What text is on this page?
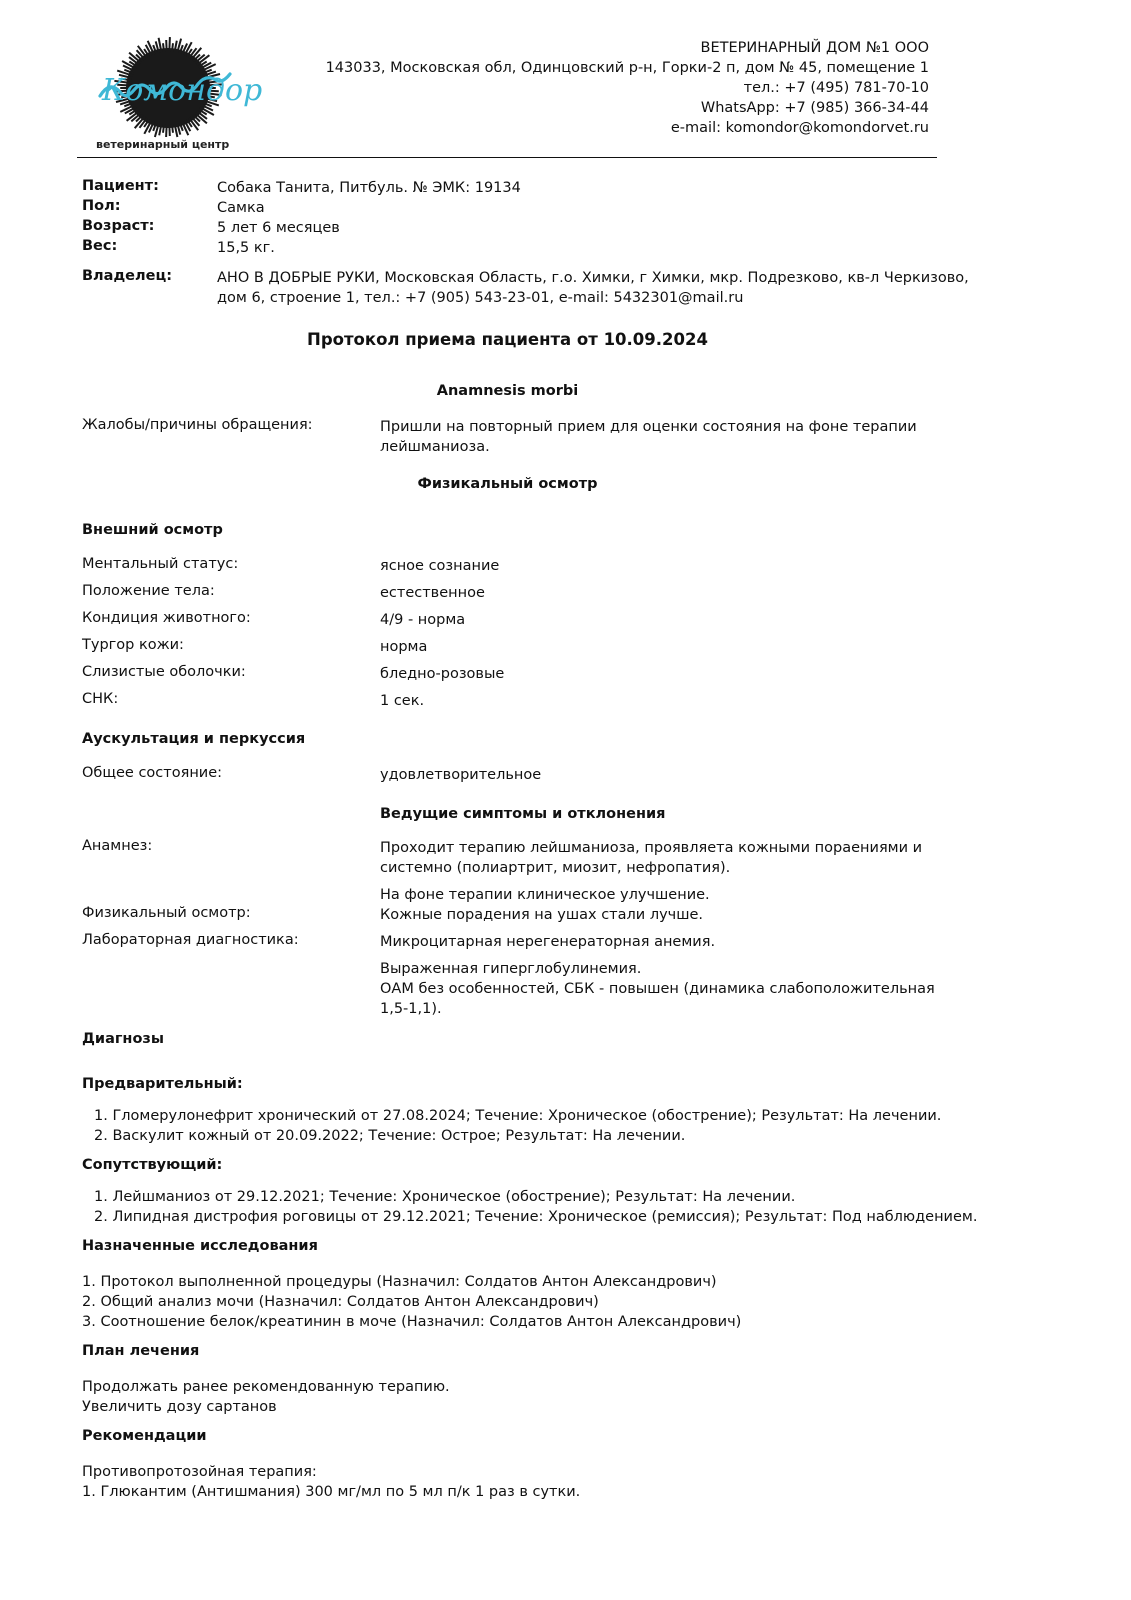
Комондор
ветеринарный центр
ВЕТЕРИНАРНЫЙ ДОМ №1 ООО
143033, Московская обл, Одинцовский р-н, Горки-2 п, дом № 45, помещение 1
тел.: +7 (495) 781-70-10
WhatsApp: +7 (985) 366-34-44
e-mail: komondor@komondorvet.ru
Пациент:	Собака Танита, Питбуль. № ЭМК: 19134
Пол:	Самка
Возраст:	5 лет 6 месяцев
Вес:	15,5 кг.
Владелец:	АНО В ДОБРЫЕ РУКИ, Московская Область, г.о. Химки, г Химки, мкр. Подрезково, кв-л Черкизово,
дом 6, строение 1, тел.: +7 (905) 543-23-01, e-mail: 5432301@mail.ru
Протокол приема пациента от 10.09.2024
Anamnesis morbi
Жалобы/причины обращения:	Пришли на повторный прием для оценки состояния на фоне терапии
лейшманиоза.
Физикальный осмотр
Внешний осмотр
Ментальный статус:	ясное сознание
Положение тела:	естественное
Кондиция животного:	4/9 - норма
Тургор кожи:	норма
Слизистые оболочки:	бледно-розовые
СНК:	1 сек.
Аускультация и перкуссия
Общее состояние:	удовлетворительное
Ведущие симптомы и отклонения
Анамнез:	Проходит терапию лейшманиоза, проявляета кожными пораениями и
системно (полиартрит, миозит, нефропатия).
На фоне терапии клиническое улучшение.
Физикальный осмотр:	Кожные порадения на ушах стали лучше.
Лабораторная диагностика:	Микроцитарная нерегенераторная анемия.
Выраженная гиперглобулинемия.
ОАМ без особенностей, СБК - повышен (динамика слабоположительная
1,5-1,1).
Диагнозы
Предварительный:
1. Гломерулонефрит хронический от 27.08.2024; Течение: Хроническое (обострение); Результат: На лечении.
2. Васкулит кожный от 20.09.2022; Течение: Острое; Результат: На лечении.
Сопутствующий:
1. Лейшманиоз от 29.12.2021; Течение: Хроническое (обострение); Результат: На лечении.
2. Липидная дистрофия роговицы от 29.12.2021; Течение: Хроническое (ремиссия); Результат: Под наблюдением.
Назначенные исследования
1. Протокол выполненной процедуры (Назначил: Солдатов Антон Александрович)
2. Общий анализ мочи (Назначил: Солдатов Антон Александрович)
3. Соотношение белок/креатинин в моче (Назначил: Солдатов Антон Александрович)
План лечения
Продолжать ранее рекомендованную терапию.
Увеличить дозу сартанов
Рекомендации
Противопротозойная терапия:
1. Глюкантим (Антишмания) 300 мг/мл по 5 мл п/к 1 раз в сутки.
